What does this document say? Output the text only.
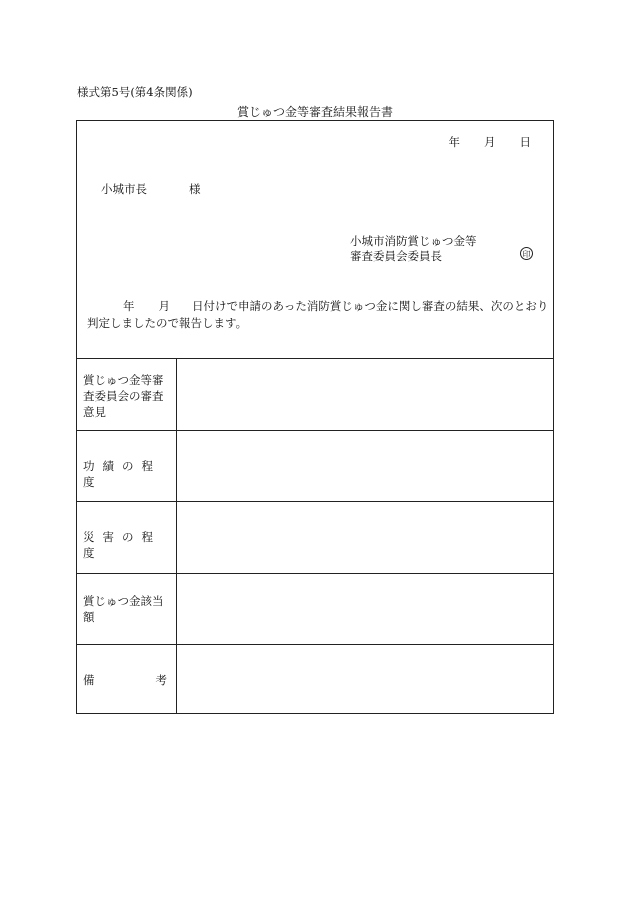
様式第5号(第4条関係)
賞じゅつ金等審査結果報告書
年 月 日
小城市長	様
小城市消防賞じゅつ金等
審査委員会委員長	印
年 月 日付けで申請のあった消防賞じゅつ金に関し審査の結果、次のとおり判定しましたので報告します。
賞じゅつ金等審査委員会の審査意見
功績の程度
災害の程度
賞じゅつ金該当額
備	考
